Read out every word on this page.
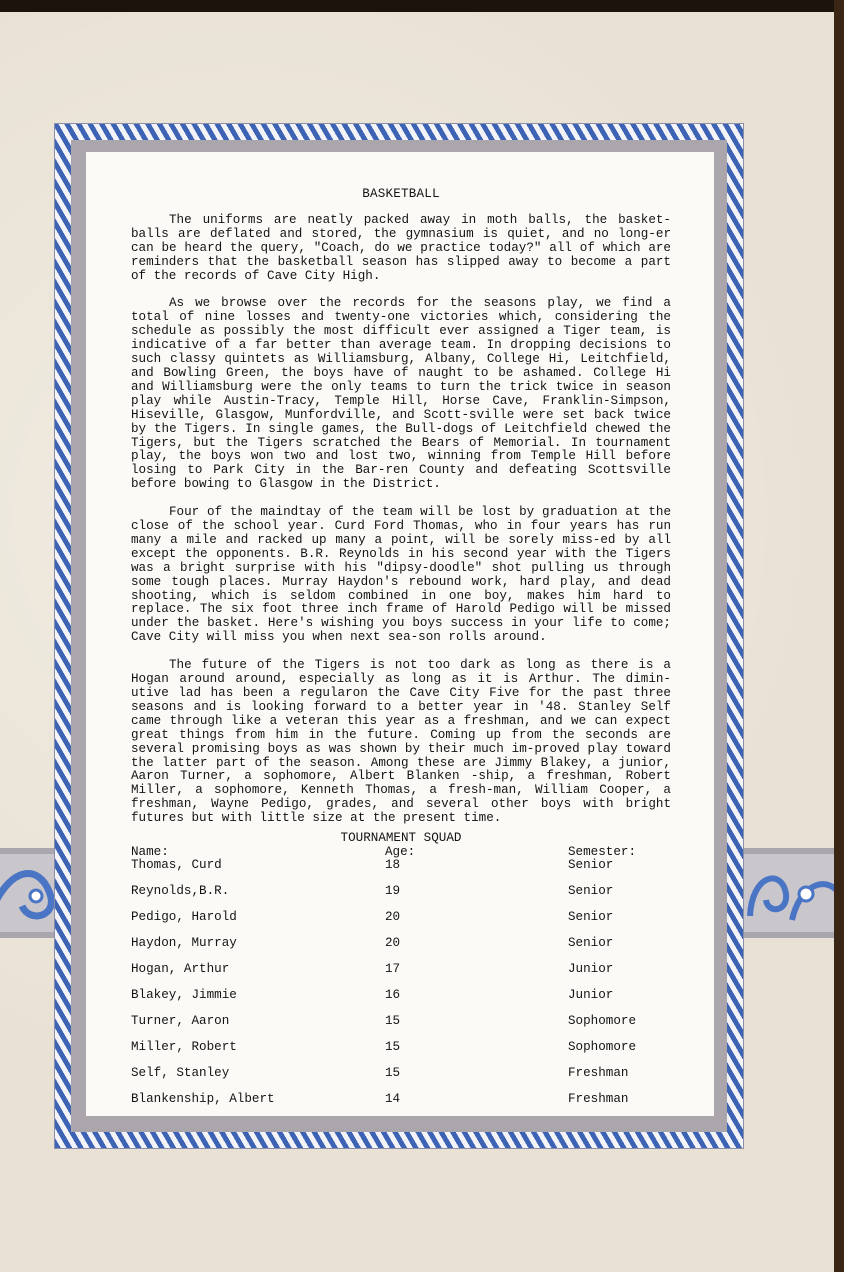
BASKETBALL

The uniforms are neatly packed away in moth balls, the basket-balls are deflated and stored, the gymnasium is quiet, and no long-er can be heard the query, "Coach, do we practice today?" all of which are reminders that the basketball season has slipped away to become a part of the records of Cave City High.

As we browse over the records for the seasons play, we find a total of nine losses and twenty-one victories which, considering the schedule as possibly the most difficult ever assigned a Tiger team, is indicative of a far better than average team. In dropping decisions to such classy quintets as Williamsburg, Albany, College Hi, Leitchfield, and Bowling Green, the boys have of naught to be ashamed. College Hi and Williamsburg were the only teams to turn the trick twice in season play while Austin-Tracy, Temple Hill, Horse Cave, Franklin-Simpson, Hiseville, Glasgow, Munfordville, and Scott-sville were set back twice by the Tigers. In single games, the Bull-dogs of Leitchfield chewed the Tigers, but the Tigers scratched the Bears of Memorial. In tournament play, the boys won two and lost two, winning from Temple Hill before losing to Park City in the Bar-ren County and defeating Scottsville before bowing to Glasgow in the District.

Four of the maindtay of the team will be lost by graduation at the close of the school year. Curd Ford Thomas, who in four years has run many a mile and racked up many a point, will be sorely miss-ed by all except the opponents. B.R. Reynolds in his second year with the Tigers was a bright surprise with his "dipsy-doodle" shot pulling us through some tough places. Murray Haydon's rebound work, hard play, and dead shooting, which is seldom combined in one boy, makes him hard to replace. The six foot three inch frame of Harold Pedigo will be missed under the basket. Here's wishing you boys success in your life to come; Cave City will miss you when next sea-son rolls around.

The future of the Tigers is not too dark as long as there is a Hogan around around, especially as long as it is Arthur. The dimin-utive lad has been a regularon the Cave City Five for the past three seasons and is looking forward to a better year in '48. Stanley Self came through like a veteran this year as a freshman, and we can expect great things from him in the future. Coming up from the seconds are several promising boys as was shown by their much im-proved play toward the latter part of the season. Among these are Jimmy Blakey, a junior, Aaron Turner, a sophomore, Albert Blanken -ship, a freshman, Robert Miller, a sophomore, Kenneth Thomas, a fresh-man, William Cooper, a freshman, Wayne Pedigo, grades, and several other boys with bright futures but with little size at the present time.

TOURNAMENT SQUAD
Name:	Age:	Semester:
Thomas, Curd	18	Senior
Reynolds,B.R.	19	Senior
Pedigo, Harold	20	Senior
Haydon, Murray	20	Senior
Hogan, Arthur	17	Junior
Blakey, Jimmie	16	Junior
Turner, Aaron	15	Sophomore
Miller, Robert	15	Sophomore
Self, Stanley	15	Freshman
Blankenship, Albert	14	Freshman
